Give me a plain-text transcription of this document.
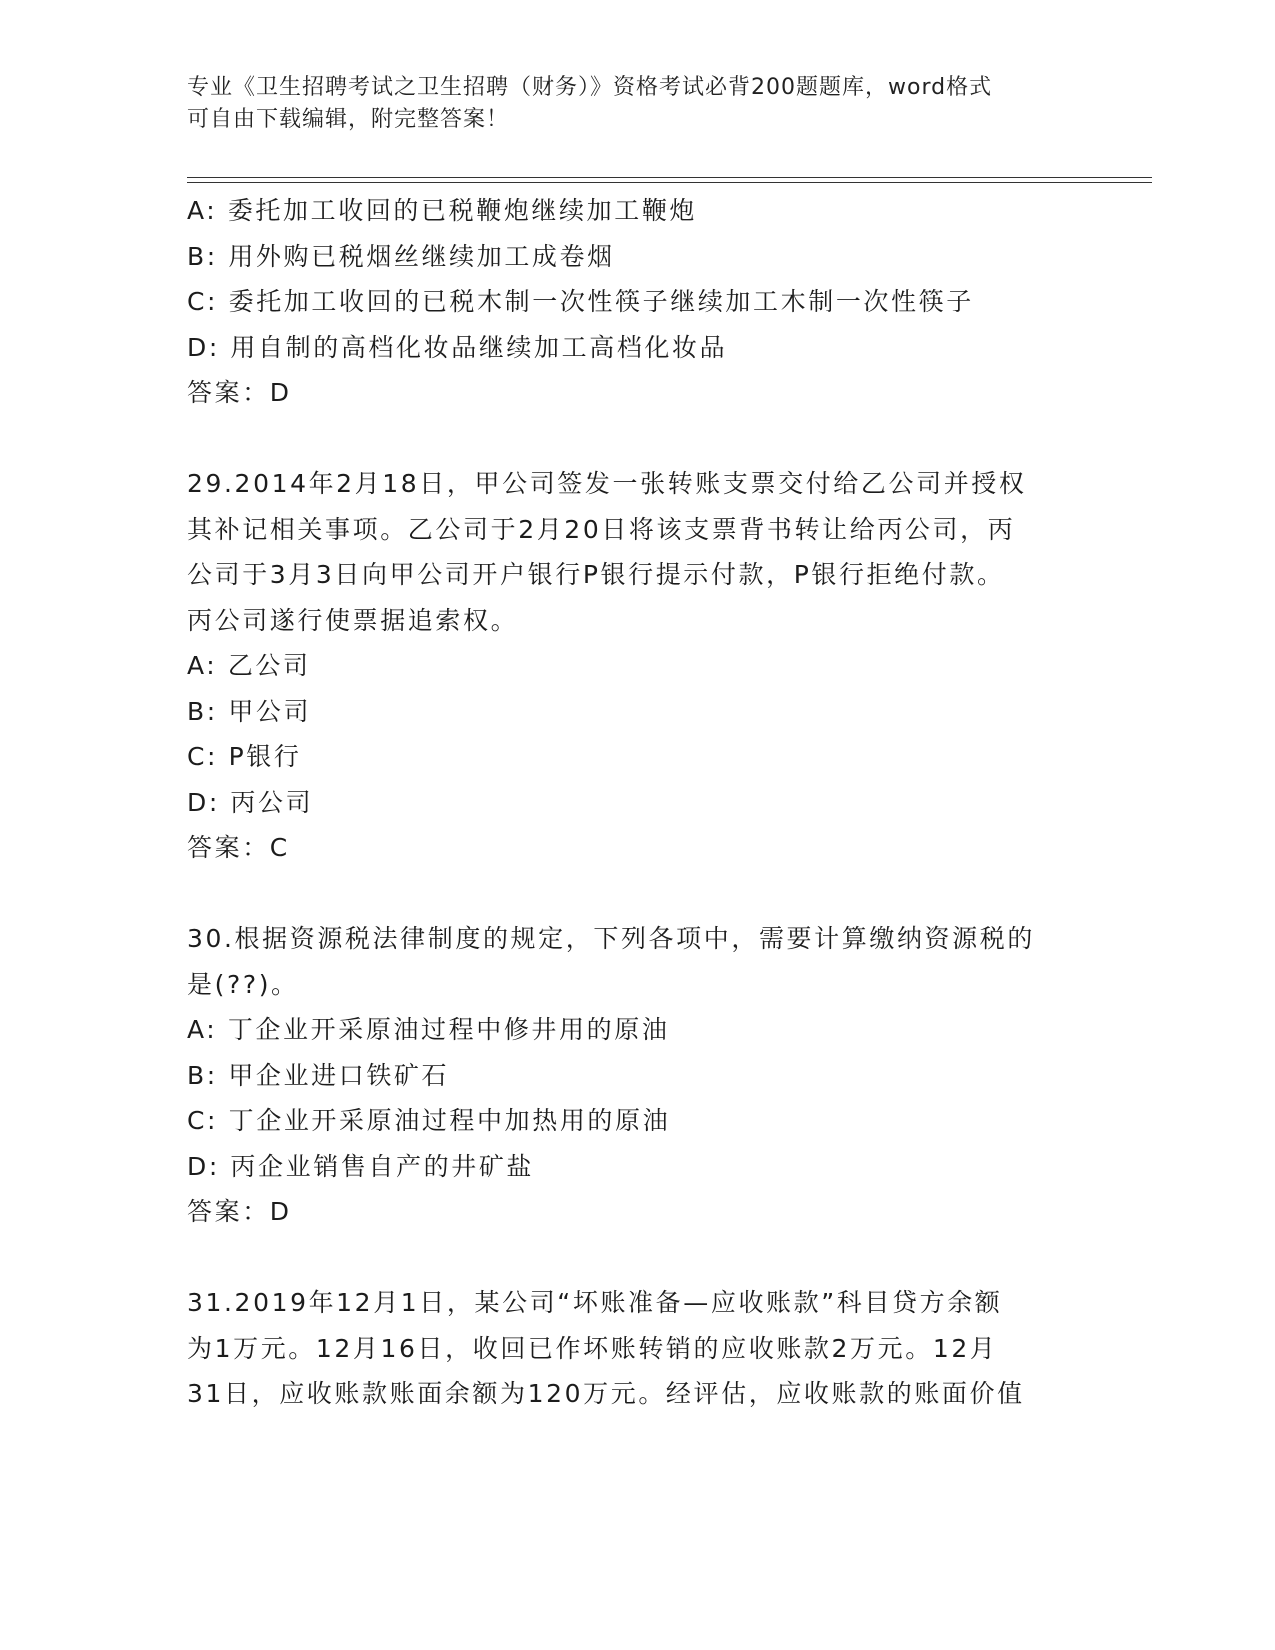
专业《卫生招聘考试之卫生招聘（财务）》资格考试必背200题题库，word格式
可自由下载编辑，附完整答案！
A: 委托加工收回的已税鞭炮继续加工鞭炮
B: 用外购已税烟丝继续加工成卷烟
C: 委托加工收回的已税木制一次性筷子继续加工木制一次性筷子
D: 用自制的高档化妆品继续加工高档化妆品
答案：D
29.2014年2月18日，甲公司签发一张转账支票交付给乙公司并授权
其补记相关事项。乙公司于2月20日将该支票背书转让给丙公司，丙
公司于3月3日向甲公司开户银行P银行提示付款，P银行拒绝付款。
丙公司遂行使票据追索权。
A: 乙公司
B: 甲公司
C: P银行
D: 丙公司
答案：C
30.根据资源税法律制度的规定，下列各项中，需要计算缴纳资源税的
是(??)。
A: 丁企业开采原油过程中修井用的原油
B: 甲企业进口铁矿石
C: 丁企业开采原油过程中加热用的原油
D: 丙企业销售自产的井矿盐
答案：D
31.2019年12月1日，某公司“坏账准备—应收账款”科目贷方余额
为1万元。12月16日，收回已作坏账转销的应收账款2万元。12月
31日，应收账款账面余额为120万元。经评估，应收账款的账面价值
